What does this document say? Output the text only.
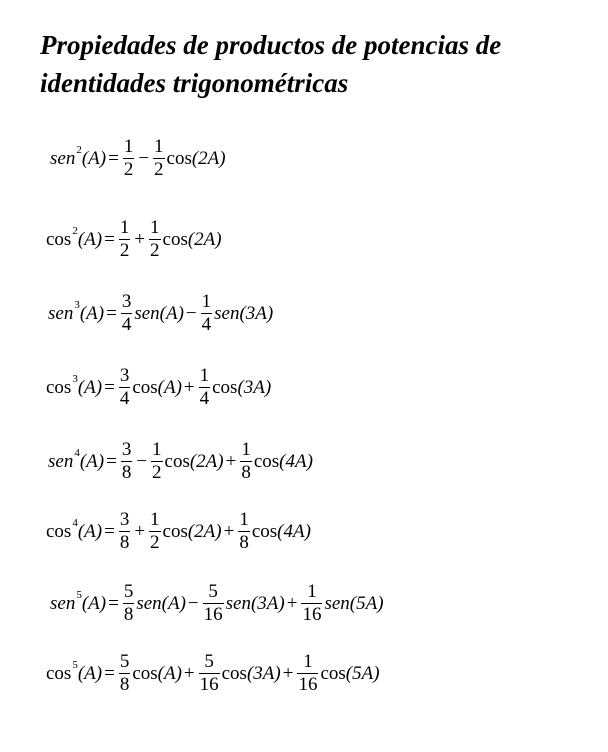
Propiedades de productos de potencias de
identidades trigonométricas
sen 2 $(A) = \frac{1}{2} - \frac{1}{2}$ cos (2A)
cos 2 $(A) = \frac{1}{2} + \frac{1}{2}$ cos (2A)
sen 3 $(A) = \frac{3}{4}$ sen $(A) - \frac{1}{4}$ sen (3A)
cos 3 $(A) = \frac{3}{4}$ $\cos (A) + \frac{1}{4}$ cos (3A)
sen 4 $(A) = \frac{3}{8} - \frac{1}{2}$ $\cos (2A) + \frac{1}{8}$ cos (4A)
cos 4 $(A) = \frac{3}{8} + \frac{1}{2}$ $\cos (2A) + \frac{1}{8}$ cos (4A)
sen 5 $(A) = \frac{5}{8}$ sen $(A) - \frac{5}{16}$ sen $(3A) + \frac{1}{16}$ sen (5A)
cos 5 $(A) = \frac{5}{8}$ $\cos (A) + \frac{5}{16}$ $\cos (3A) + \frac{1}{16}$ cos (5A)
